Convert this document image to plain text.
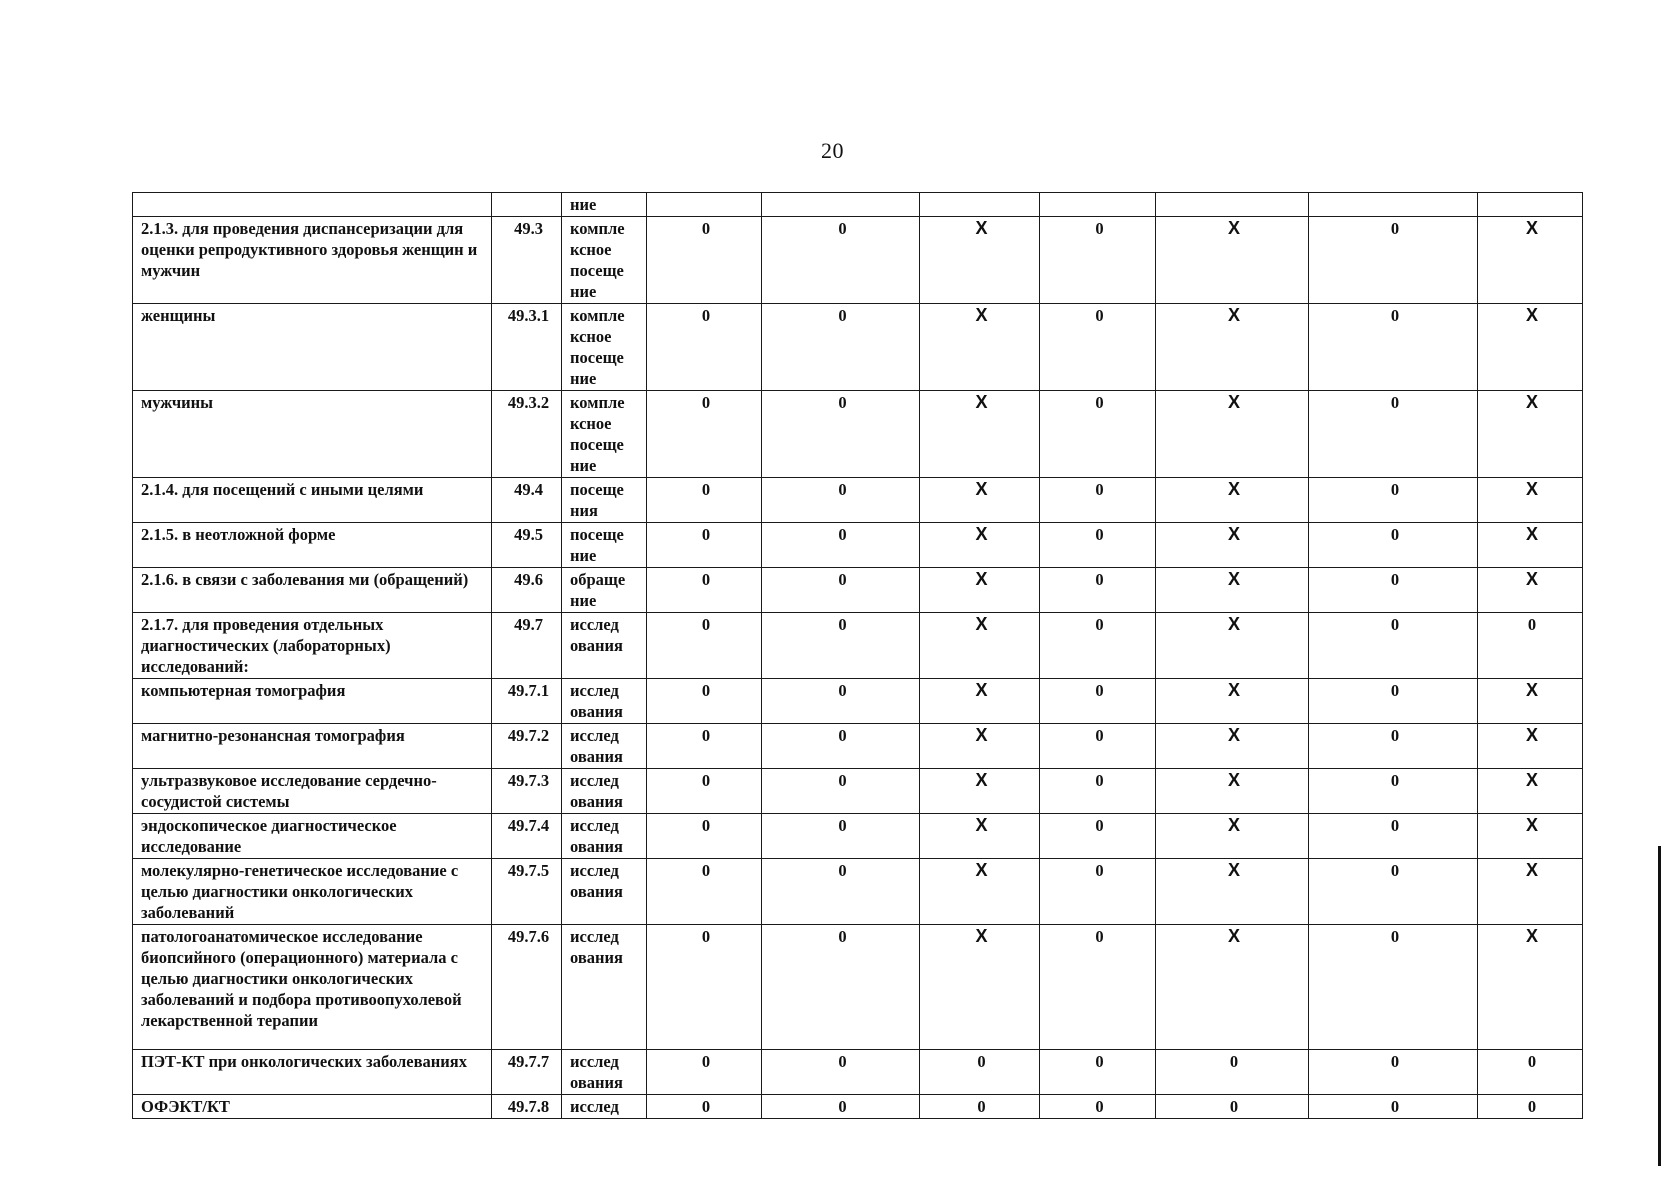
20
		ние							
2.1.3. для проведения диспансеризации для оценки репродуктивного здоровья женщин и мужчин	49.3	компле ксное посеще ние	0	0	X	0	X	0	X
женщины	49.3.1	компле ксное посеще ние	0	0	X	0	X	0	X
мужчины	49.3.2	компле ксное посеще ние	0	0	X	0	X	0	X
2.1.4. для посещений с иными целями	49.4	посеще ния	0	0	X	0	X	0	X
2.1.5. в неотложной форме	49.5	посеще ние	0	0	X	0	X	0	X
2.1.6. в связи с заболевания ми (обращений)	49.6	обраще ние	0	0	X	0	X	0	X
2.1.7. для проведения отдельных диагностических (лабораторных) исследований:	49.7	исслед ования	0	0	X	0	X	0	0
компьютерная томография	49.7.1	исслед ования	0	0	X	0	X	0	X
магнитно-резонансная томография	49.7.2	исслед ования	0	0	X	0	X	0	X
ультразвуковое исследование сердечно-сосудистой системы	49.7.3	исслед ования	0	0	X	0	X	0	X
эндоскопическое диагностическое исследование	49.7.4	исслед ования	0	0	X	0	X	0	X
молекулярно-генетическое исследование с целью диагностики онкологических заболеваний	49.7.5	исслед ования	0	0	X	0	X	0	X
патологоанатомическое исследование биопсийного (операционного) материала с целью диагностики онкологических заболеваний и подбора противоопухолевой лекарственной терапии	49.7.6	исслед ования	0	0	X	0	X	0	X
ПЭТ-КТ при онкологических заболеваниях	49.7.7	исслед ования	0	0	0	0	0	0	0
ОФЭКТ/КТ	49.7.8	исслед	0	0	0	0	0	0	0
